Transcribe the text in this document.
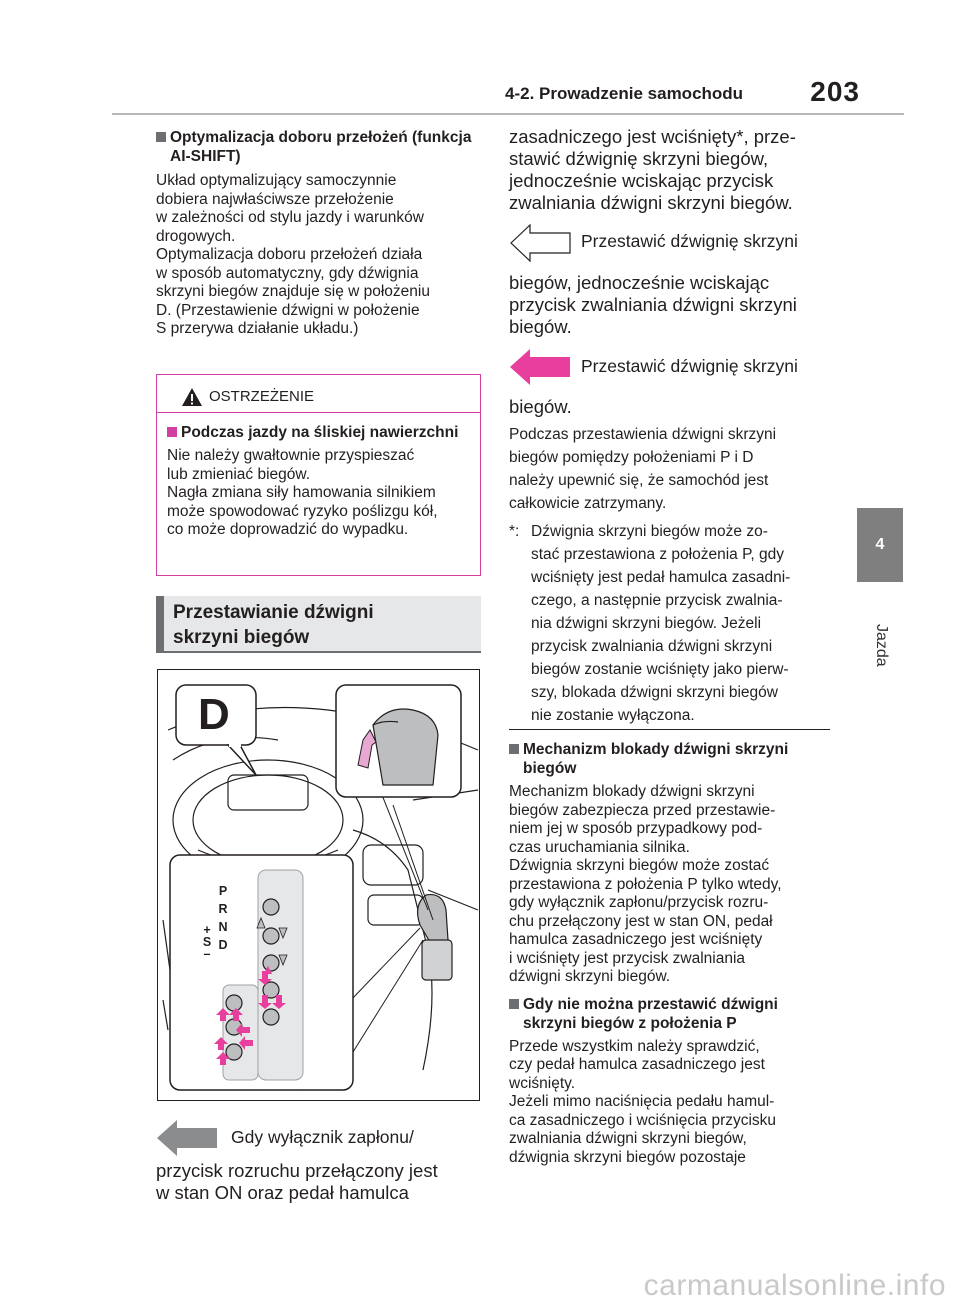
4-2. Prowadzenie samochodu 203
4
Jazda
Optymalizacja doboru przełożeń (funkcja AI-SHIFT)
Układ optymalizujący samoczynnie
dobiera najwłaściwsze przełożenie
w zależności od stylu jazdy i warunków
drogowych.
Optymalizacja doboru przełożeń działa
w sposób automatyczny, gdy dźwignia
skrzyni biegów znajduje się w położeniu
D. (Przestawienie dźwigni w położenie
S przerywa działanie układu.)
OSTRZEŻENIE
Podczas jazdy na śliskiej nawierzchni
Nie należy gwałtownie przyspieszać
lub zmieniać biegów.
Nagła zmiana siły hamowania silnikiem
może spowodować ryzyko poślizgu kół,
co może doprowadzić do wypadku.
Przestawianie dźwigni
skrzyni biegów
D
P
R
N
D
+
S
–
Gdy wyłącznik zapłonu/
przycisk rozruchu przełączony jest
w stan ON oraz pedał hamulca
zasadniczego jest wciśnięty*, prze-
stawić dźwignię skrzyni biegów,
jednocześnie wciskając przycisk
zwalniania dźwigni skrzyni biegów.
Przestawić dźwignię skrzyni
biegów, jednocześnie wciskając
przycisk zwalniania dźwigni skrzyni
biegów.
Przestawić dźwignię skrzyni
biegów.
Podczas przestawienia dźwigni skrzyni
biegów pomiędzy położeniami P i D
należy upewnić się, że samochód jest
całkowicie zatrzymany.
*: Dźwignia skrzyni biegów może zo-
stać przestawiona z położenia P, gdy
wciśnięty jest pedał hamulca zasadni-
czego, a następnie przycisk zwalnia-
nia dźwigni skrzyni biegów. Jeżeli
przycisk zwalniania dźwigni skrzyni
biegów zostanie wciśnięty jako pierw-
szy, blokada dźwigni skrzyni biegów
nie zostanie wyłączona.
Mechanizm blokady dźwigni skrzyni biegów
Mechanizm blokady dźwigni skrzyni
biegów zabezpiecza przed przestawie-
niem jej w sposób przypadkowy pod-
czas uruchamiania silnika.
Dźwignia skrzyni biegów może zostać
przestawiona z położenia P tylko wtedy,
gdy wyłącznik zapłonu/przycisk rozru-
chu przełączony jest w stan ON, pedał
hamulca zasadniczego jest wciśnięty
i wciśnięty jest przycisk zwalniania
dźwigni skrzyni biegów.
Gdy nie można przestawić dźwigni skrzyni biegów z położenia P
Przede wszystkim należy sprawdzić,
czy pedał hamulca zasadniczego jest
wciśnięty.
Jeżeli mimo naciśnięcia pedału hamul-
ca zasadniczego i wciśnięcia przycisku
zwalniania dźwigni skrzyni biegów,
dźwignia skrzyni biegów pozostaje
carmanualsonline.info
